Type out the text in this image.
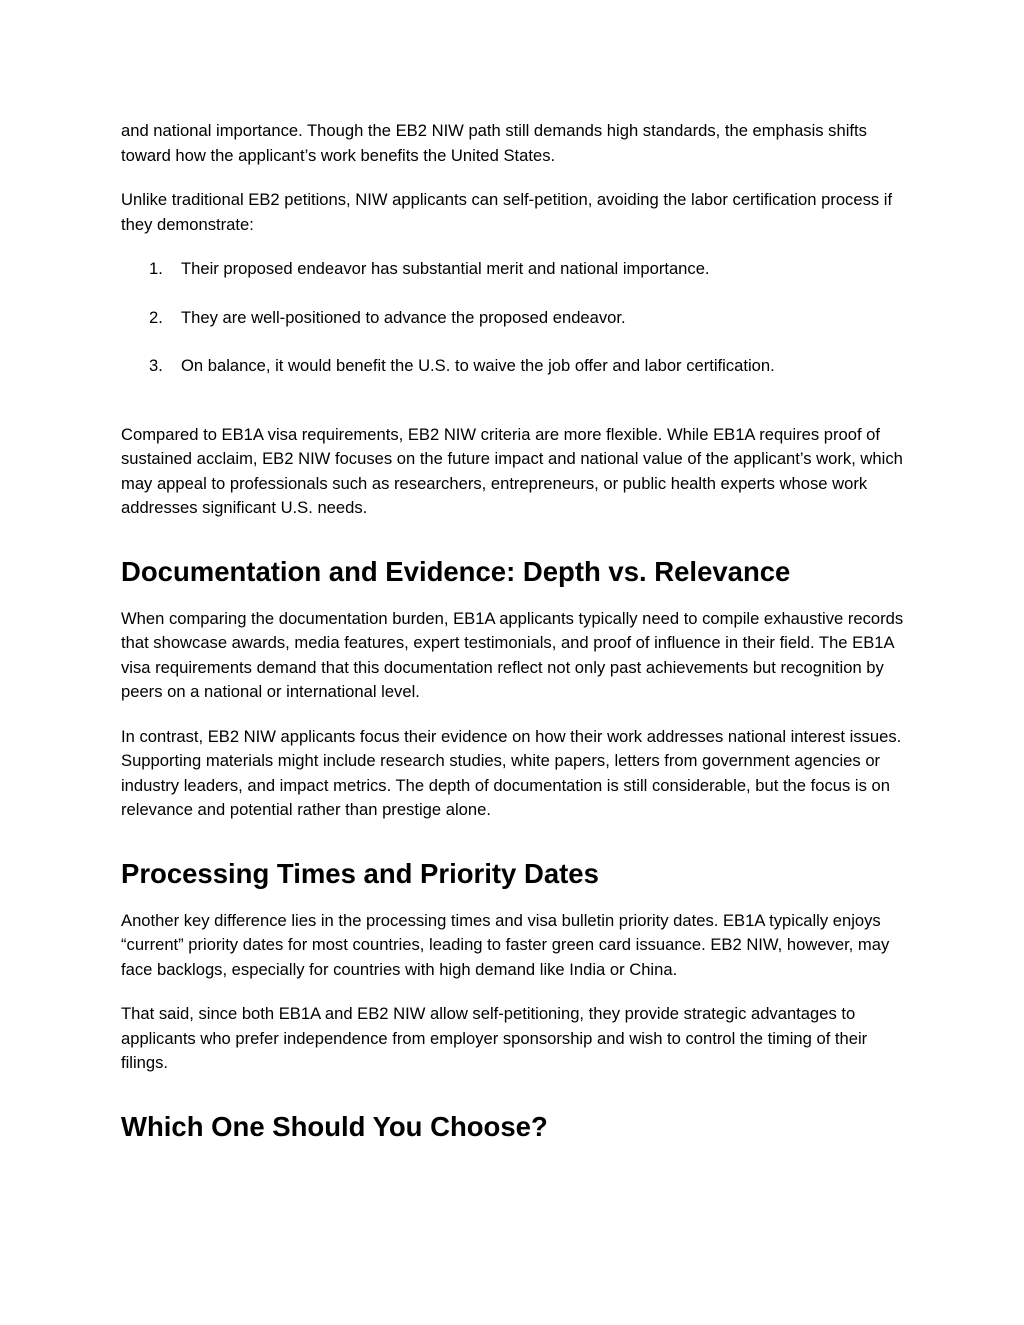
and national importance. Though the EB2 NIW path still demands high standards, the emphasis shifts toward how the applicant’s work benefits the United States.

Unlike traditional EB2 petitions, NIW applicants can self-petition, avoiding the labor certification process if they demonstrate:

1. Their proposed endeavor has substantial merit and national importance.
2. They are well-positioned to advance the proposed endeavor.
3. On balance, it would benefit the U.S. to waive the job offer and labor certification.

Compared to EB1A visa requirements, EB2 NIW criteria are more flexible. While EB1A requires proof of sustained acclaim, EB2 NIW focuses on the future impact and national value of the applicant’s work, which may appeal to professionals such as researchers, entrepreneurs, or public health experts whose work addresses significant U.S. needs.

Documentation and Evidence: Depth vs. Relevance

When comparing the documentation burden, EB1A applicants typically need to compile exhaustive records that showcase awards, media features, expert testimonials, and proof of influence in their field. The EB1A visa requirements demand that this documentation reflect not only past achievements but recognition by peers on a national or international level.

In contrast, EB2 NIW applicants focus their evidence on how their work addresses national interest issues. Supporting materials might include research studies, white papers, letters from government agencies or industry leaders, and impact metrics. The depth of documentation is still considerable, but the focus is on relevance and potential rather than prestige alone.

Processing Times and Priority Dates

Another key difference lies in the processing times and visa bulletin priority dates. EB1A typically enjoys “current” priority dates for most countries, leading to faster green card issuance. EB2 NIW, however, may face backlogs, especially for countries with high demand like India or China.

That said, since both EB1A and EB2 NIW allow self-petitioning, they provide strategic advantages to applicants who prefer independence from employer sponsorship and wish to control the timing of their filings.

Which One Should You Choose?
